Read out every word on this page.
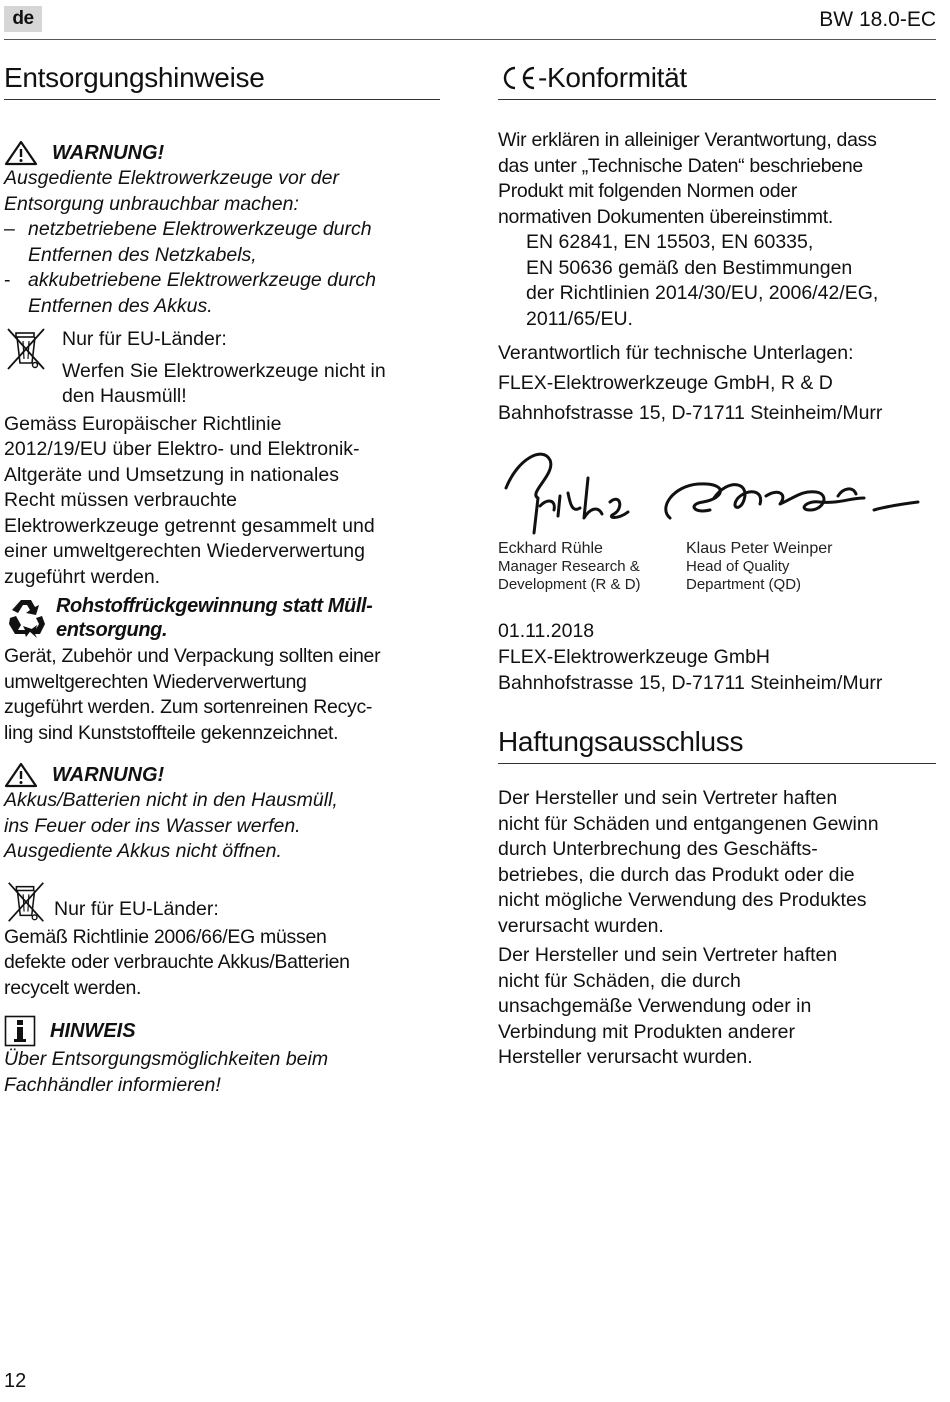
de	BW 18.0-EC
Entsorgungshinweise
WARNUNG!

Ausgediente Elektrowerkzeuge vor der

Entsorgung unbrauchbar machen:

– netzbetriebene Elektrowerkzeuge durch
Entfernen des Netzkabels,
- akkubetriebene Elektrowerkzeuge durch
Entfernen des Akkus.

Nur für EU-Länder:

Werfen Sie Elektrowerkzeuge nicht in

den Hausmüll!

Gemäss Europäischer Richtlinie

2012/19/EU über Elektro- und Elektronik-

Altgeräte und Umsetzung in nationales

Recht müssen verbrauchte

Elektrowerkzeuge getrennt gesammelt und

einer umweltgerechten Wiederverwertung

zugeführt werden.

Rohstoffrückgewinnung statt Müll-

entsorgung.

Gerät, Zubehör und Verpackung sollten einer

umweltgerechten Wiederverwertung

zugeführt werden. Zum sortenreinen Recyc-

ling sind Kunststoffteile gekennzeichnet.

WARNUNG!

Akkus/Batterien nicht in den Hausmüll,

ins Feuer oder ins Wasser werfen.

Ausgediente Akkus nicht öffnen.

Nur für EU-Länder:

Gemäß Richtlinie 2006/66/EG müssen

defekte oder verbrauchte Akkus/Batterien

recycelt werden.

HINWEIS

Über Entsorgungsmöglichkeiten beim

Fachhändler informieren!

-Konformität

Wir erklären in alleiniger Verantwortung, dass

das unter „Technische Daten“ beschriebene

Produkt mit folgenden Normen oder

normativen Dokumenten übereinstimmt.

EN 62841, EN 15503, EN 60335,

EN 50636 gemäß den Bestimmungen

der Richtlinien 2014/30/EU, 2006/42/EG,

2011/65/EU.

Verantwortlich für technische Unterlagen:

FLEX-Elektrowerkzeuge GmbH, R & D

Bahnhofstrasse 15, D-71711 Steinheim/Murr

Eckhard Rühle
Manager Research &
Development (R & D)
Klaus Peter Weinper
Head of Quality
Department (QD)

01.11.2018

FLEX-Elektrowerkzeuge GmbH

Bahnhofstrasse 15, D-71711 Steinheim/Murr

Haftungsausschluss

Der Hersteller und sein Vertreter haften

nicht für Schäden und entgangenen Gewinn

durch Unterbrechung des Geschäfts-

betriebes, die durch das Produkt oder die

nicht mögliche Verwendung des Produktes

verursacht wurden.

Der Hersteller und sein Vertreter haften

nicht für Schäden, die durch

unsachgemäße Verwendung oder in

Verbindung mit Produkten anderer

Hersteller verursacht wurden.

12
